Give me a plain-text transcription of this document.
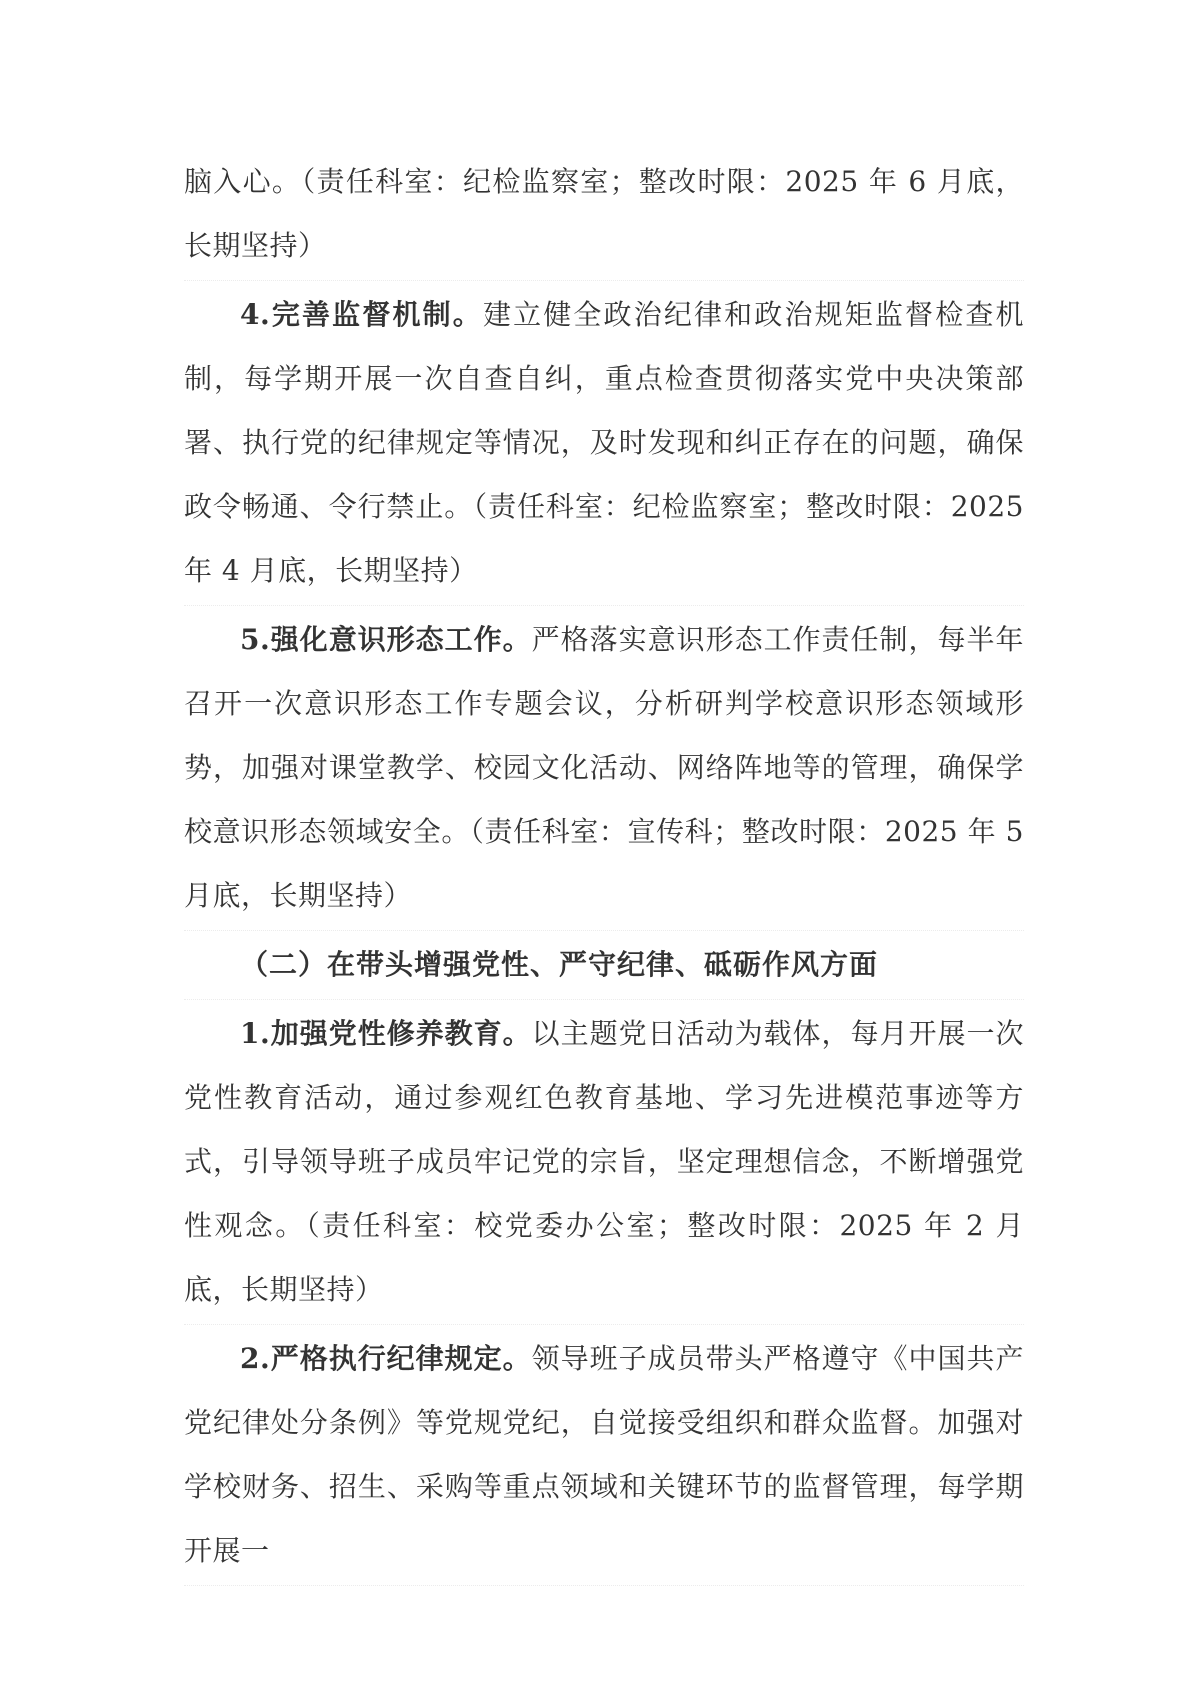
脑入心。（责任科室：纪检监察室；整改时限：2025 年 6 月底，长期坚持）

4.完善监督机制。建立健全政治纪律和政治规矩监督检查机制，每学期开展一次自查自纠，重点检查贯彻落实党中央决策部署、执行党的纪律规定等情况，及时发现和纠正存在的问题，确保政令畅通、令行禁止。（责任科室：纪检监察室；整改时限：2025 年 4 月底，长期坚持）

5.强化意识形态工作。严格落实意识形态工作责任制，每半年召开一次意识形态工作专题会议，分析研判学校意识形态领域形势，加强对课堂教学、校园文化活动、网络阵地等的管理，确保学校意识形态领域安全。（责任科室：宣传科；整改时限：2025 年 5 月底，长期坚持）

（二）在带头增强党性、严守纪律、砥砺作风方面

1.加强党性修养教育。以主题党日活动为载体，每月开展一次党性教育活动，通过参观红色教育基地、学习先进模范事迹等方式，引导领导班子成员牢记党的宗旨，坚定理想信念，不断增强党性观念。（责任科室：校党委办公室；整改时限：2025 年 2 月底，长期坚持）

2.严格执行纪律规定。领导班子成员带头严格遵守《中国共产党纪律处分条例》等党规党纪，自觉接受组织和群众监督。加强对学校财务、招生、采购等重点领域和关键环节的监督管理，每学期开展一
